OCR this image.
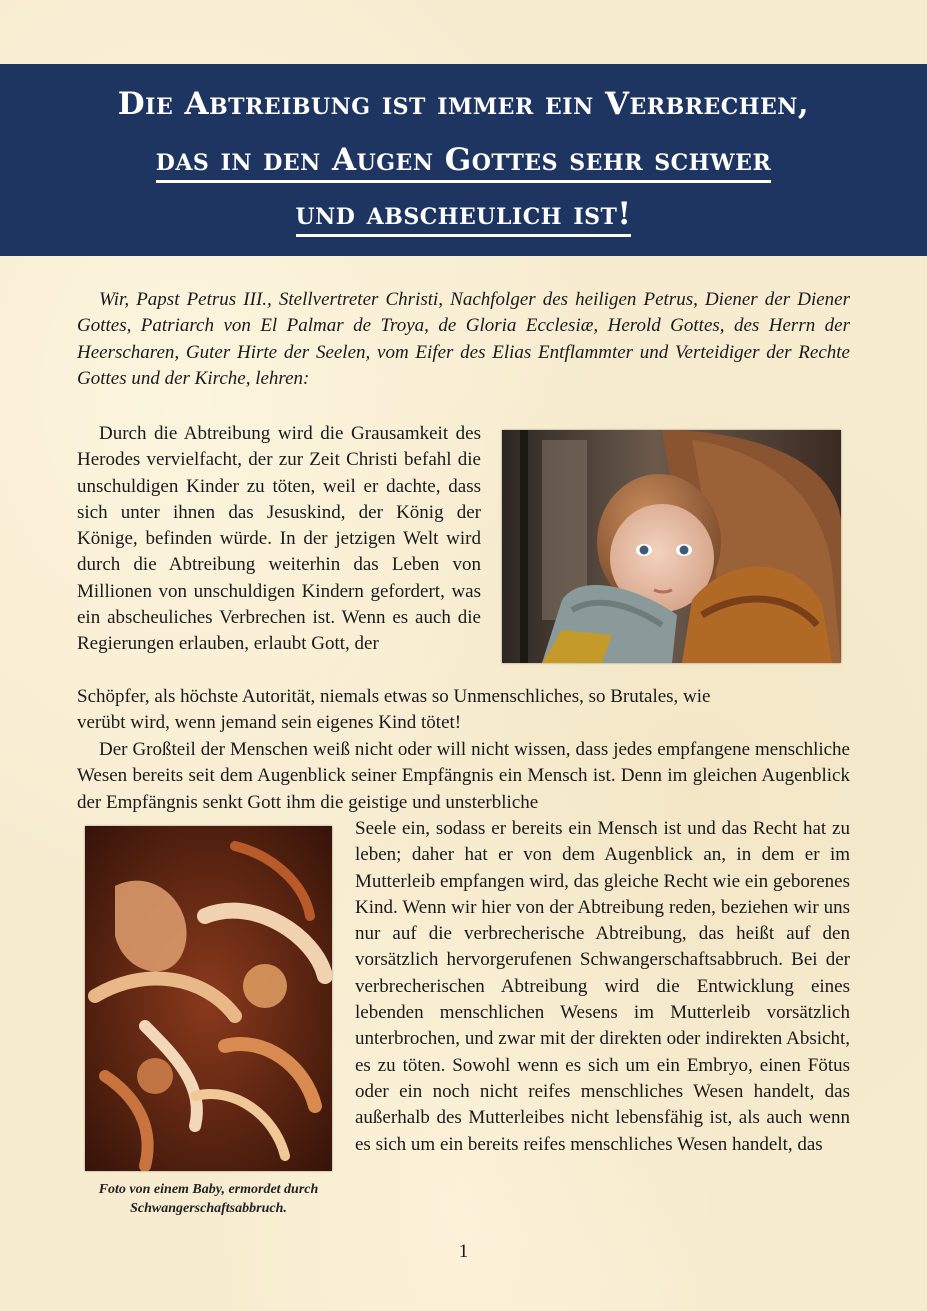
Die Abtreibung ist immer ein Verbrechen,
das in den Augen Gottes sehr schwer
und abscheulich ist!
Wir, Papst Petrus III., Stellvertreter Christi, Nachfolger des heiligen Petrus, Diener der Diener Gottes, Patriarch von El Palmar de Troya, de Gloria Ecclesiæ, Herold Gottes, des Herrn der Heerscharen, Guter Hirte der Seelen, vom Eifer des Elias Entflammter und Verteidiger der Rechte Gottes und der Kirche, lehren:
Durch die Abtreibung wird die Grausamkeit des Herodes vervielfacht, der zur Zeit Christi befahl die unschuldigen Kinder zu töten, weil er dachte, dass sich unter ihnen das Jesuskind, der König der Könige, befinden würde. In der jetzigen Welt wird durch die Abtreibung weiterhin das Leben von Millionen von unschuldigen Kindern gefordert, was ein abscheuliches Verbrechen ist. Wenn es auch die Regierungen erlauben, erlaubt Gott, der
Schöpfer, als höchste Autorität, niemals etwas so Unmenschliches, so Brutales, wie
verübt wird, wenn jemand sein eigenes Kind tötet!
Der Großteil der Menschen weiß nicht oder will nicht wissen, dass jedes empfangene menschliche Wesen bereits seit dem Augenblick seiner Empfängnis ein Mensch ist. Denn im gleichen Augenblick der Empfängnis senkt Gott ihm die geistige und unsterbliche
Seele ein, sodass er bereits ein Mensch ist und das Recht hat zu leben; daher hat er von dem Augenblick an, in dem er im Mutterleib empfangen wird, das gleiche Recht wie ein geborenes Kind. Wenn wir hier von der Abtreibung reden, beziehen wir uns nur auf die verbrecherische Abtreibung, das heißt auf den vorsätzlich hervorgerufenen Schwangerschaftsabbruch. Bei der verbrecherischen Abtreibung wird die Entwicklung eines lebenden menschlichen Wesens im Mutterleib vorsätzlich unterbrochen, und zwar mit der direkten oder indirekten Absicht, es zu töten. Sowohl wenn es sich um ein Embryo, einen Fötus oder ein noch nicht reifes menschliches Wesen handelt, das außerhalb des Mutterleibes nicht lebensfähig ist, als auch wenn es sich um ein bereits reifes menschliches Wesen handelt, das
Foto von einem Baby, ermordet durch Schwangerschaftsabbruch.
1
